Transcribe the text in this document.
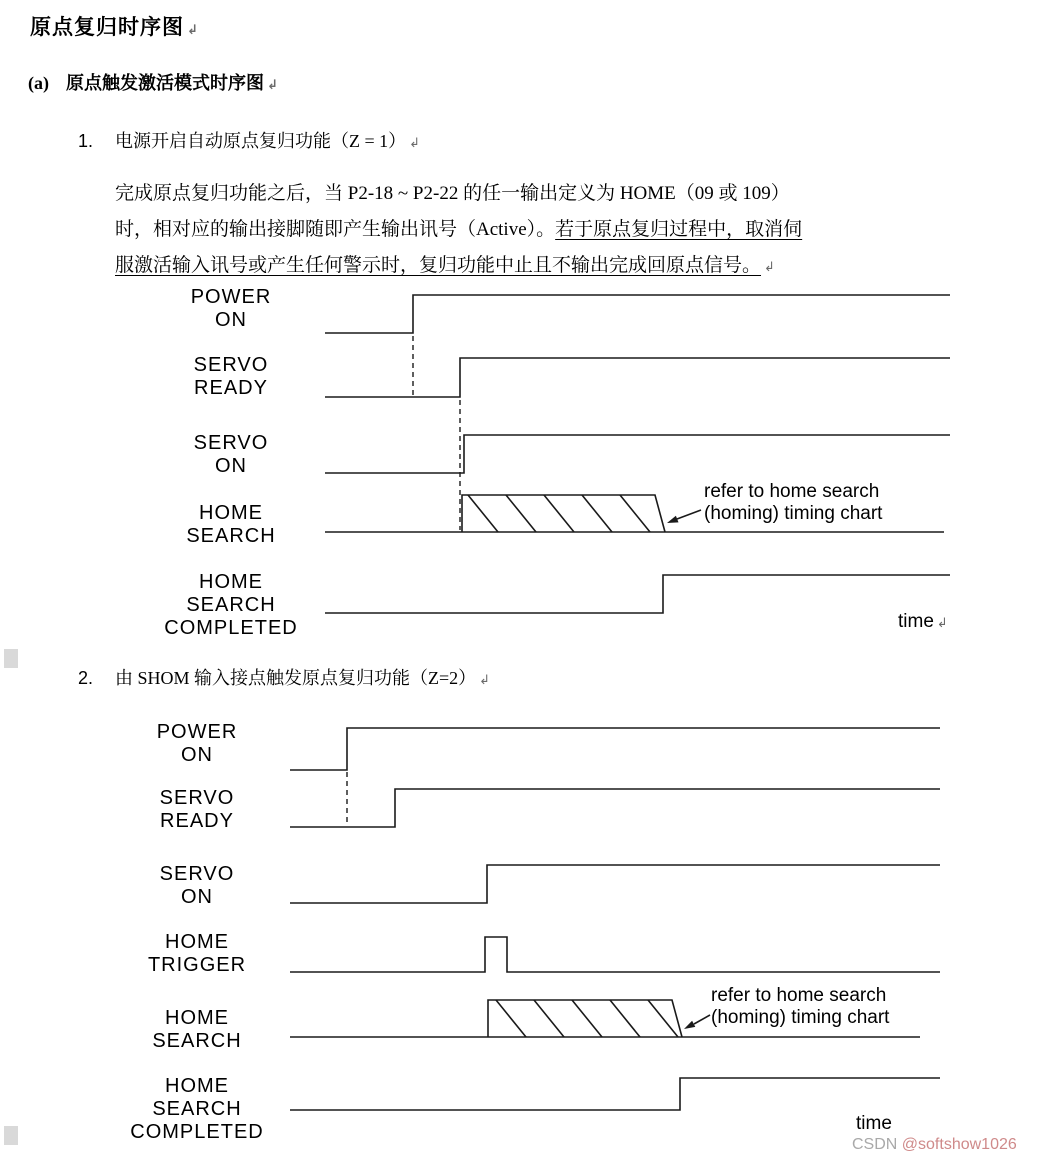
原点复归时序图 ↲
(a) 原点触发激活模式时序图 ↲
1. 电源开启自动原点复归功能（Z = 1） ↲
完成原点复归功能之后，当 P2-18 ~ P2-22 的任一输出定义为 HOME（09 或 109）
时，相对应的输出接脚随即产生输出讯号（Active）。若于原点复归过程中，取消伺
服激活输入讯号或产生任何警示时，复归功能中止且不输出完成回原点信号。 ↲
POWER
ON
SERVO
READY
SERVO
ON
HOME
SEARCH
HOME
SEARCH
COMPLETED
refer to home search
(homing) timing chart
time ↲
2. 由 SHOM 输入接点触发原点复归功能（Z=2） ↲
POWER
ON
SERVO
READY
SERVO
ON
HOME
TRIGGER
HOME
SEARCH
HOME
SEARCH
COMPLETED
refer to home search
(homing) timing chart
time
CSDN @softshow1026
